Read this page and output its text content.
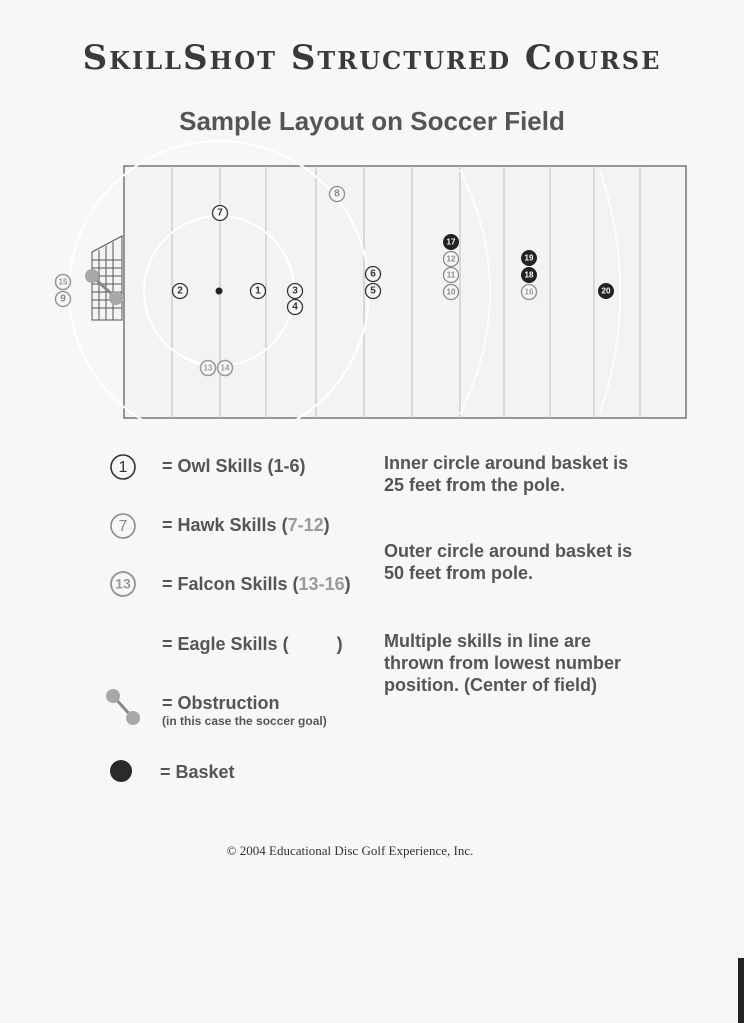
SkillShot Structured Course
Sample Layout on Soccer Field
2	1	3
4
5
6
7
8
9
10
11
12
13 14
15
16
17
18
19
20
1
7
13
= Owl Skills (1-6)
= Hawk Skills (7-12)
= Falcon Skills (13-16)
= Eagle Skills (	)
= Obstruction
(in this case the soccer goal)
= Basket
Inner circle around basket is 25 feet from the pole.
Outer circle around basket is 50 feet from pole.
Multiple skills in line are thrown from lowest number position. (Center of field)
© 2004 Educational Disc Golf Experience, Inc.
